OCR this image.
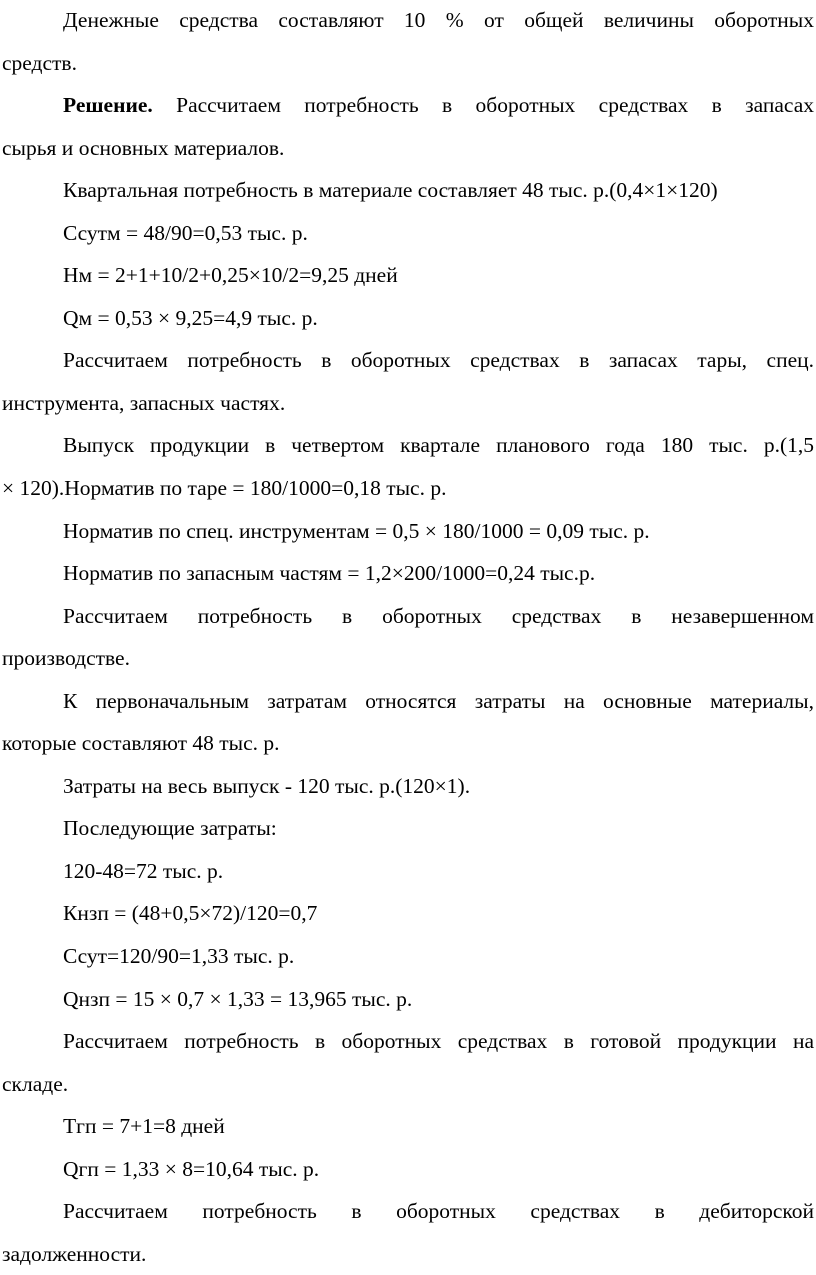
Денежные средства составляют 10 % от общей величины оборотных
средств.
Решение. Рассчитаем потребность в оборотных средствах в запасах
сырья и основных материалов.
Квартальная потребность в материале составляет 48 тыс. р.(0,4×1×120)
Ссутм = 48/90=0,53 тыс. р.
Нм = 2+1+10/2+0,25×10/2=9,25 дней
Qм = 0,53 × 9,25=4,9 тыс. р.
Рассчитаем потребность в оборотных средствах в запасах тары, спец.
инструмента, запасных частях.
Выпуск продукции в четвертом квартале планового года 180 тыс. р.(1,5
× 120).Норматив по таре = 180/1000=0,18 тыс. р.
Норматив по спец. инструментам = 0,5 × 180/1000 = 0,09 тыс. р.
Норматив по запасным частям = 1,2×200/1000=0,24 тыс.р.
Рассчитаем потребность в оборотных средствах в незавершенном
производстве.
К первоначальным затратам относятся затраты на основные материалы,
которые составляют 48 тыс. р.
Затраты на весь выпуск - 120 тыс. р.(120×1).
Последующие затраты:
120-48=72 тыс. р.
Кнзп = (48+0,5×72)/120=0,7
Ссут=120/90=1,33 тыс. р.
Qнзп = 15 × 0,7 × 1,33 = 13,965 тыс. р.
Рассчитаем потребность в оборотных средствах в готовой продукции на
складе.
Тгп = 7+1=8 дней
Qгп = 1,33 × 8=10,64 тыс. р.
Рассчитаем потребность в оборотных средствах в дебиторской
задолженности.
